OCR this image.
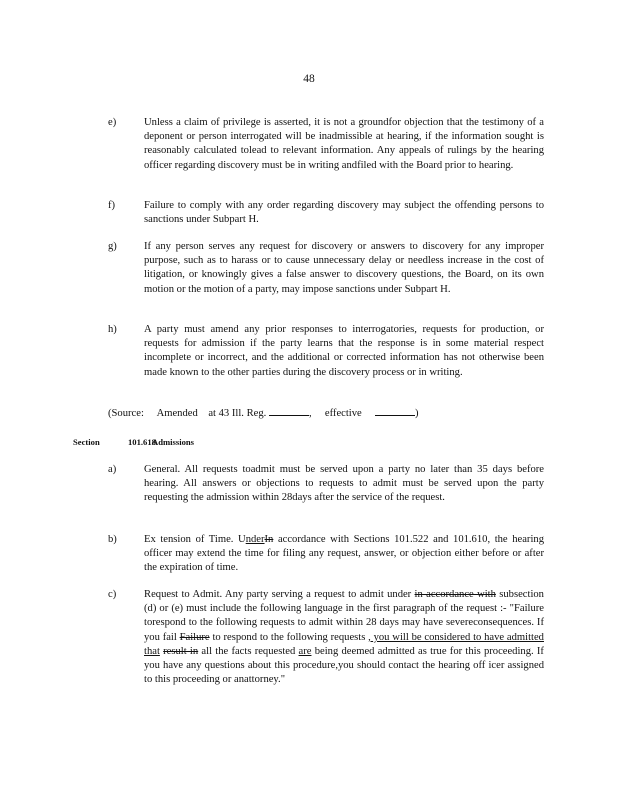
48
e)	Unless a claim of privilege is asserted, it is not a groundfor objection that the testimony of a deponent or person interrogated will be inadmissible at hearing, if the information sought is reasonably calculated tolead to relevant information. Any appeals of rulings by the hearing officer regarding discovery must be in writing andfiled with the Board prior to hearing.
f)	Failure to comply with any order regarding discovery may subject the offending persons to sanctions under Subpart H.
g)	If any person serves any request for discovery or answers to discovery for any improper purpose, such as to harass or to cause unnecessary delay or needless increase in the cost of litigation, or knowingly gives a false answer to discovery questions, the Board, on its own motion or the motion of a party, may impose sanctions under Subpart H.
h)	A party must amend any prior responses to interrogatories, requests for production, or requests for admission if the party learns that the response is in some material respect incomplete or incorrect, and the additional or corrected information has not otherwise been made known to the other parties during the discovery process or in writing.
(Source: Amended at 43 Ill. Reg.	, effective	)
Section	101.618Admissions
a)	General. All requests toadmit must be served upon a party no later than 35 days before hearing. All answers or objections to requests to admit must be served upon the party requesting the admission within 28days after the service of the request.
b)	Ex tension of Time. UnderIn accordance with Sections 101.522 and 101.610, the hearing officer may extend the time for filing any request, answer, or objection either before or after the expiration of time.
c)	Request to Admit. Any party serving a request to admit under in accordance with subsection (d) or (e) must include the following language in the first paragraph of the request :- "Failure torespond to the following requests to admit within 28 days may have severeconsequences. If you fail Failure to respond to the following requests , you will be considered to have admitted that result in all the facts requested are being deemed admitted as true for this proceeding. If you have any questions about this procedure,you should contact the hearing off icer assigned to this proceeding or anattorney."
